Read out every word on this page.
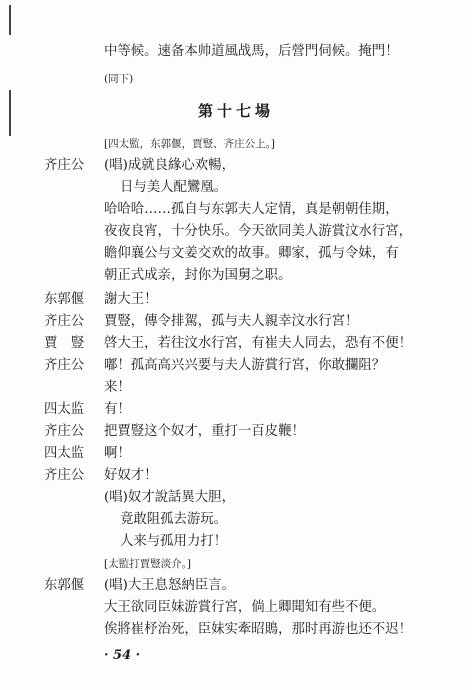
第十七場
中等候。速备本帅道風战馬，后營門伺候。掩門！
(同下)
[四太監，东郭偃，賈豎、齐庄公上。]
齐庄公 (唱)成就良緣心欢暢，
日与美人配鸞凰。
哈哈哈……孤自与东郭夫人定情，真是朝朝佳期，
夜夜良宵，十分快乐。今天欲同美人游賞汶水行宮，
瞻仰襄公与文姜交欢的故事。卿家，孤与令妹，有
朝正式成亲，封你为国舅之职。
东郭偃 謝大王！
齐庄公 賈豎，傳令排駕，孤与夫人親幸汶水行宮！
賈　豎 啓大王，若往汶水行宮，有崔夫人同去，恐有不便！
齐庄公 嘟！孤高高兴兴要与夫人游賞行宮，你敢攔阻？
来！
四太监 有！
齐庄公 把賈豎这个奴才，重打一百皮鞭！
四太监 啊！
齐庄公 好奴才！
(唱)奴才說話異大胆，
竟敢阻孤去游玩。
人来与孤用力打！
[太監打賈豎淡介。]
东郭偃 (唱)大王息怒納臣言。
大王欲同臣妹游賞行宮，倘上卿聞知有些不便。
俟將崔杼治死，臣妹实牽昭鵙，那时再游也还不迟！
· 54 ·
